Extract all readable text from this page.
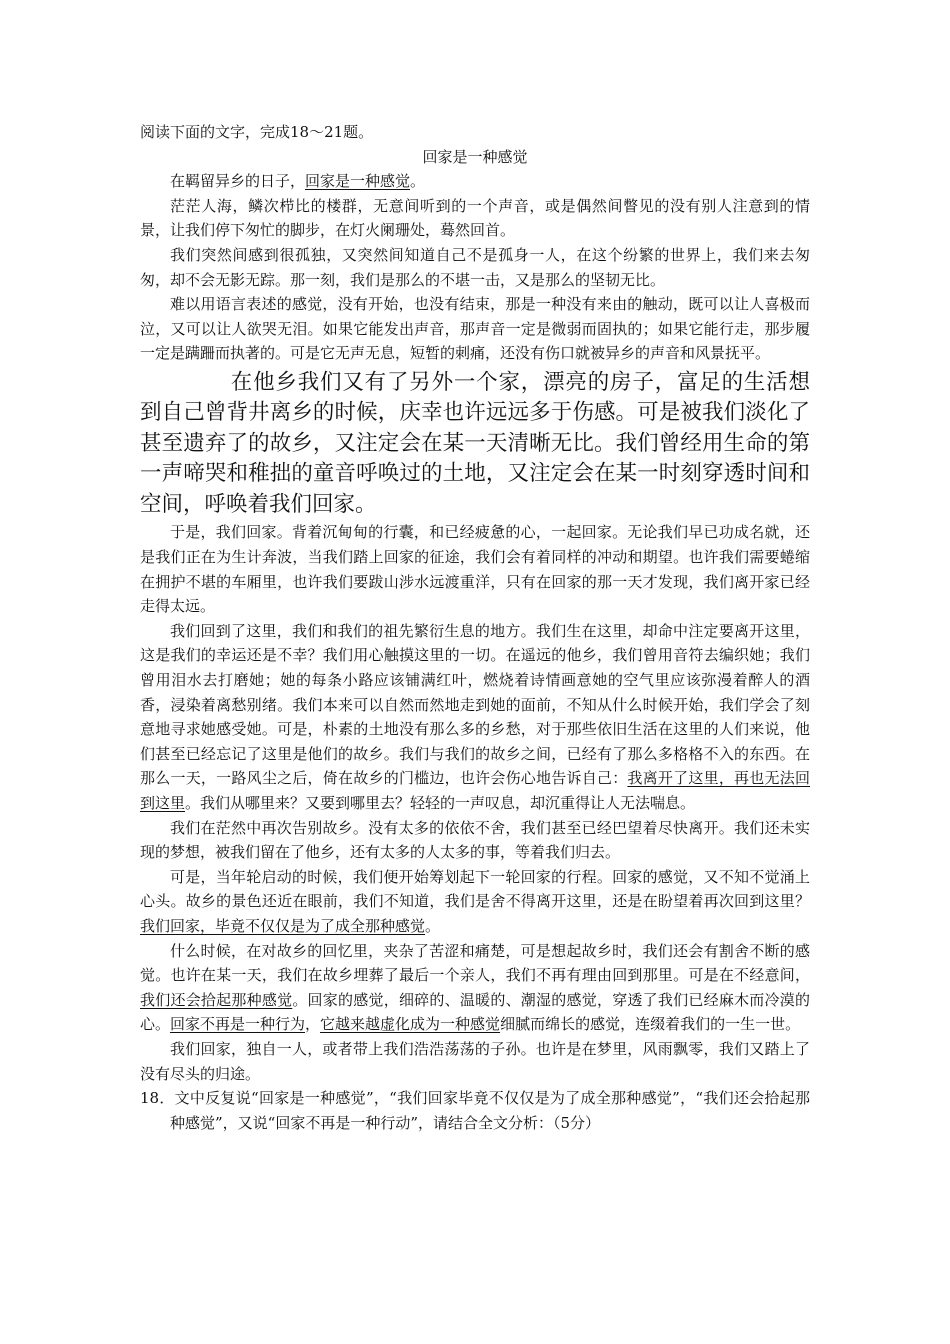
阅读下面的文字，完成18～21题。

回家是一种感觉

在羁留异乡的日子，回家是一种感觉。

茫茫人海，鳞次栉比的楼群，无意间听到的一个声音，或是偶然间瞥见的没有别人注意到的情景，让我们停下匆忙的脚步，在灯火阑珊处，蓦然回首。

我们突然间感到很孤独，又突然间知道自己不是孤身一人，在这个纷繁的世界上，我们来去匆匆，却不会无影无踪。那一刻，我们是那么的不堪一击，又是那么的坚韧无比。

难以用语言表述的感觉，没有开始，也没有结束，那是一种没有来由的触动，既可以让人喜极而泣，又可以让人欲哭无泪。如果它能发出声音，那声音一定是微弱而固执的；如果它能行走，那步履一定是蹒跚而执著的。可是它无声无息，短暂的刺痛，还没有伤口就被异乡的声音和风景抚平。

在他乡我们又有了另外一个家，漂亮的房子，富足的生活想到自己曾背井离乡的时候，庆幸也许远远多于伤感。可是被我们淡化了甚至遗弃了的故乡，又注定会在某一天清晰无比。我们曾经用生命的第一声啼哭和稚拙的童音呼唤过的土地，又注定会在某一时刻穿透时间和空间，呼唤着我们回家。

于是，我们回家。背着沉甸甸的行囊，和已经疲惫的心，一起回家。无论我们早已功成名就，还是我们正在为生计奔波，当我们踏上回家的征途，我们会有着同样的冲动和期望。也许我们需要蜷缩在拥护不堪的车厢里，也许我们要跋山涉水远渡重洋，只有在回家的那一天才发现，我们离开家已经走得太远。

我们回到了这里，我们和我们的祖先繁衍生息的地方。我们生在这里，却命中注定要离开这里，这是我们的幸运还是不幸？我们用心触摸这里的一切。在遥远的他乡，我们曾用音符去编织她；我们曾用泪水去打磨她；她的每条小路应该铺满红叶，燃烧着诗情画意她的空气里应该弥漫着醉人的酒香，浸染着离愁别绪。我们本来可以自然而然地走到她的面前，不知从什么时候开始，我们学会了刻意地寻求她感受她。可是，朴素的土地没有那么多的乡愁，对于那些依旧生活在这里的人们来说，他们甚至已经忘记了这里是他们的故乡。我们与我们的故乡之间，已经有了那么多格格不入的东西。在那么一天，一路风尘之后，倚在故乡的门槛边，也许会伤心地告诉自己：我离开了这里，再也无法回到这里。我们从哪里来？又要到哪里去？轻轻的一声叹息，却沉重得让人无法喘息。

我们在茫然中再次告别故乡。没有太多的依依不舍，我们甚至已经巴望着尽快离开。我们还未实现的梦想，被我们留在了他乡，还有太多的人太多的事，等着我们归去。

可是，当年轮启动的时候，我们便开始筹划起下一轮回家的行程。回家的感觉，又不知不觉涌上心头。故乡的景色还近在眼前，我们不知道，我们是舍不得离开这里，还是在盼望着再次回到这里？我们回家，毕竟不仅仅是为了成全那种感觉。

什么时候，在对故乡的回忆里，夹杂了苦涩和痛楚，可是想起故乡时，我们还会有割舍不断的感觉。也许在某一天，我们在故乡埋葬了最后一个亲人，我们不再有理由回到那里。可是在不经意间，我们还会拾起那种感觉。回家的感觉，细碎的、温暖的、潮湿的感觉，穿透了我们已经麻木而冷漠的心。回家不再是一种行为，它越来越虚化成为一种感觉细腻而绵长的感觉，连缀着我们的一生一世。

我们回家，独自一人，或者带上我们浩浩荡荡的子孙。也许是在梦里，风雨飘零，我们又踏上了没有尽头的归途。

18．文中反复说“回家是一种感觉”，“我们回家毕竟不仅仅是为了成全那种感觉”，“我们还会拾起那种感觉”，又说“回家不再是一种行动”，请结合全文分析：（5分）
